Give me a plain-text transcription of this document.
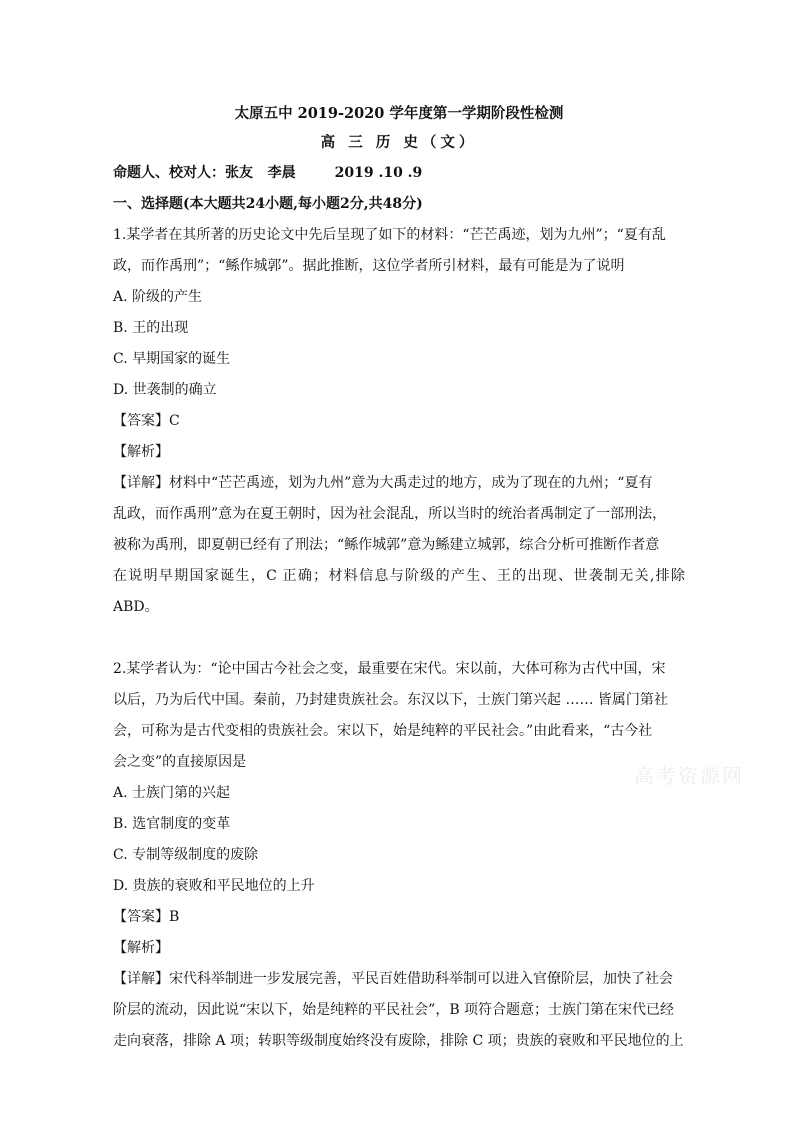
太原五中 2019-2020 学年度第一学期阶段性检测
高 三 历 史（文）
命题人、校对人：张友   李晨        2019 .10 .9
一、选择题(本大题共24小题,每小题2分,共48分)
1.某学者在其所著的历史论文中先后呈现了如下的材料：“芒芒禹迹，划为九州”；“夏有乱
政，而作禹刑”；“鲧作城郭”。据此推断，这位学者所引材料，最有可能是为了说明
A. 阶级的产生
B. 王的出现
C. 早期国家的诞生
D. 世袭制的确立
【答案】C
【解析】
【详解】材料中“芒芒禹迹，划为九州”意为大禹走过的地方，成为了现在的九州；“夏有
乱政，而作禹刑”意为在夏王朝时，因为社会混乱，所以当时的统治者禹制定了一部刑法，
被称为禹刑，即夏朝已经有了刑法；“鲧作城郭”意为鲧建立城郭，综合分析可推断作者意
在说明早期国家诞生，C 正确；材料信息与阶级的产生、王的出现、世袭制无关,排除 ABD。
2.某学者认为：“论中国古今社会之变，最重要在宋代。宋以前，大体可称为古代中国，宋
以后，乃为后代中国。秦前，乃封建贵族社会。东汉以下，士族门第兴起 …… 皆属门第社
会，可称为是古代变相的贵族社会。宋以下，始是纯粹的平民社会。”由此看来，“古今社
会之变”的直接原因是
A. 士族门第的兴起
B. 选官制度的变革
C. 专制等级制度的废除
D. 贵族的衰败和平民地位的上升
【答案】B
【解析】
【详解】宋代科举制进一步发展完善，平民百姓借助科举制可以进入官僚阶层，加快了社会
阶层的流动，因此说“宋以下，始是纯粹的平民社会”，B 项符合题意；士族门第在宋代已经
走向衰落，排除 A 项；转职等级制度始终没有废除，排除 C 项；贵族的衰败和平民地位的上
高考资源网
